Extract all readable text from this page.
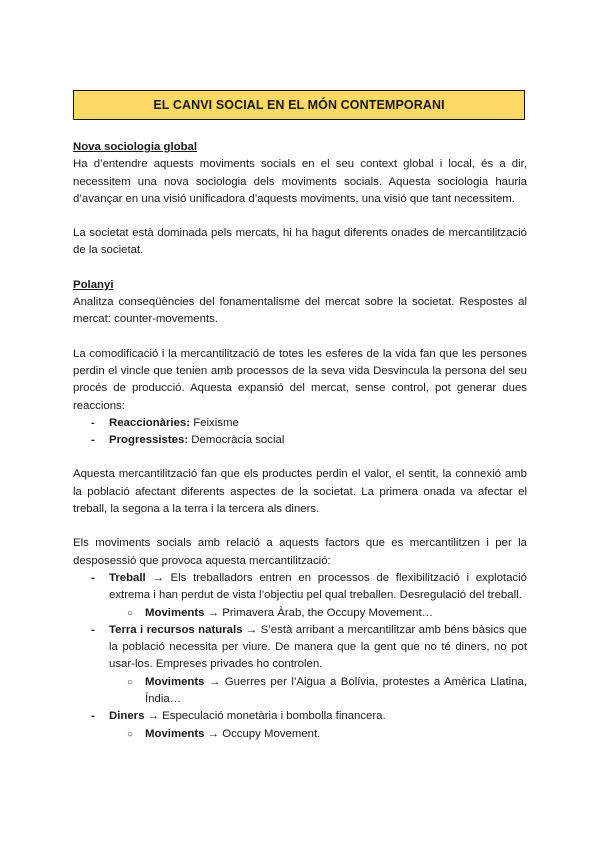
EL CANVI SOCIAL EN EL MÓN CONTEMPORANI
Nova sociologia global

Ha d’entendre aquests moviments socials en el seu context global i local, és a dir, necessitem una nova sociologia dels moviments socials. Aquesta sociologia hauria d’avançar en una visió unificadora d’aquests moviments, una visió que tant necessitem.

La societat està dominada pels mercats, hi ha hagut diferents onades de mercantilització de la societat.

Polanyi

Analitza conseqüències del fonamentalisme del mercat sobre la societat. Respostes al mercat: counter-movements.

La comodificació i la mercantilització de totes les esferes de la vida fan que les persones perdin el vincle que tenien amb processos de la seva vida Desvincula la persona del seu procés de producció. Aquesta expansió del mercat, sense control, pot generar dues reaccions:

- Reaccionàries: Feixisme
- Progressistes: Democràcia social

Aquesta mercantilització fan que els productes perdin el valor, el sentit, la connexió amb la població afectant diferents aspectes de la societat. La primera onada va afectar el treball, la segona a la terra i la tercera als diners.

Els moviments socials amb relació a aquests factors que es mercantilitzen i per la desposessió que provoca aquesta mercantilització:

- Treball → Els treballadors entren en processos de flexibilització i explotació extrema i han perdut de vista l’objectiu pel qual treballen. Desregulació del treball.
○ Moviments → Primavera Àrab, the Occupy Movement…
- Terra i recursos naturals → S’està arribant a mercantilitzar amb béns bàsics que la població necessita per viure. De manera que la gent que no té diners, no pot usar-los. Empreses privades ho controlen.
○ Moviments → Guerres per l’Aigua a Bolívia, protestes a Amèrica Llatina, Índia…
- Diners → Especulació monetària i bombolla financera.
○ Moviments → Occupy Movement.
